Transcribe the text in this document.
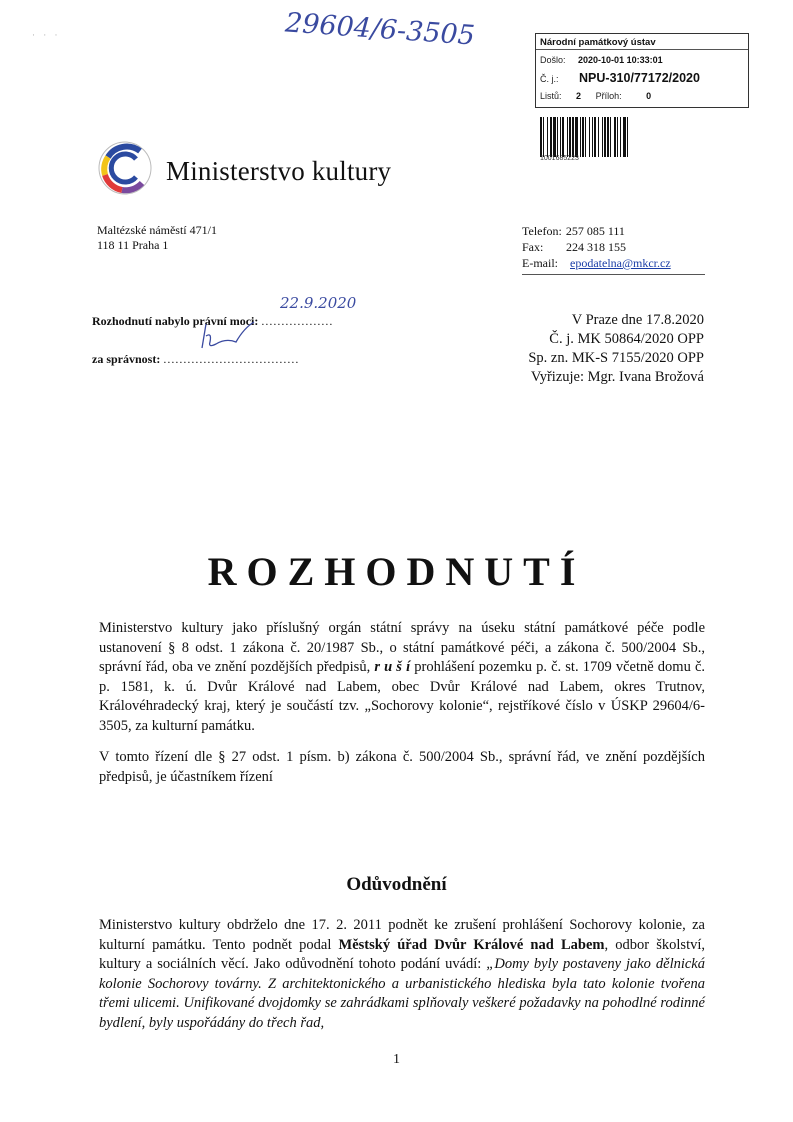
· · ·	29604/6-3505	Národní památkový ústav
Došlo: 2020-10-01 10:33:01
Č. j.: NPU-310/77172/2020
Listů: 2 Příloh:	0
1001685223
Ministerstvo kultury
Maltézské náměstí 471/1
118 11 Praha 1
Telefon: 257 085 111
Fax: 224 318 155
E-mail: epodatelna@mkcr.cz
Rozhodnutí nabylo právní moci: ..................
za správnost: ..................................
22.9.2020
V Praze dne 17.8.2020
Č. j. MK 50864/2020 OPP
Sp. zn. MK-S 7155/2020 OPP
Vyřizuje: Mgr. Ivana Brožová
ROZHODNUTÍ
Ministerstvo kultury jako příslušný orgán státní správy na úseku státní památkové péče podle ustanovení § 8 odst. 1 zákona č. 20/1987 Sb., o státní památkové péči, a zákona č. 500/2004 Sb., správní řád, oba ve znění pozdějších předpisů, r u š í prohlášení pozemku p. č. st. 1709 včetně domu č. p. 1581, k. ú. Dvůr Králové nad Labem, obec Dvůr Králové nad Labem, okres Trutnov, Královéhradecký kraj, který je součástí tzv. „Sochorovy kolonie“, rejstříkové číslo v ÚSKP 29604/6-3505, za kulturní památku.
V tomto řízení dle § 27 odst. 1 písm. b) zákona č. 500/2004 Sb., správní řád, ve znění pozdějších předpisů, je účastníkem řízení
Odůvodnění
Ministerstvo kultury obdrželo dne 17. 2. 2011 podnět ke zrušení prohlášení Sochorovy kolonie, za kulturní památku. Tento podnět podal Městský úřad Dvůr Králové nad Labem, odbor školství, kultury a sociálních věcí. Jako odůvodnění tohoto podání uvádí: „Domy byly postaveny jako dělnická kolonie Sochorovy továrny. Z architektonického a urbanistického hlediska byla tato kolonie tvořena třemi ulicemi. Unifikované dvojdomky se zahrádkami splňovaly veškeré požadavky na pohodlné rodinné bydlení, byly uspořádány do třech řad,
1
